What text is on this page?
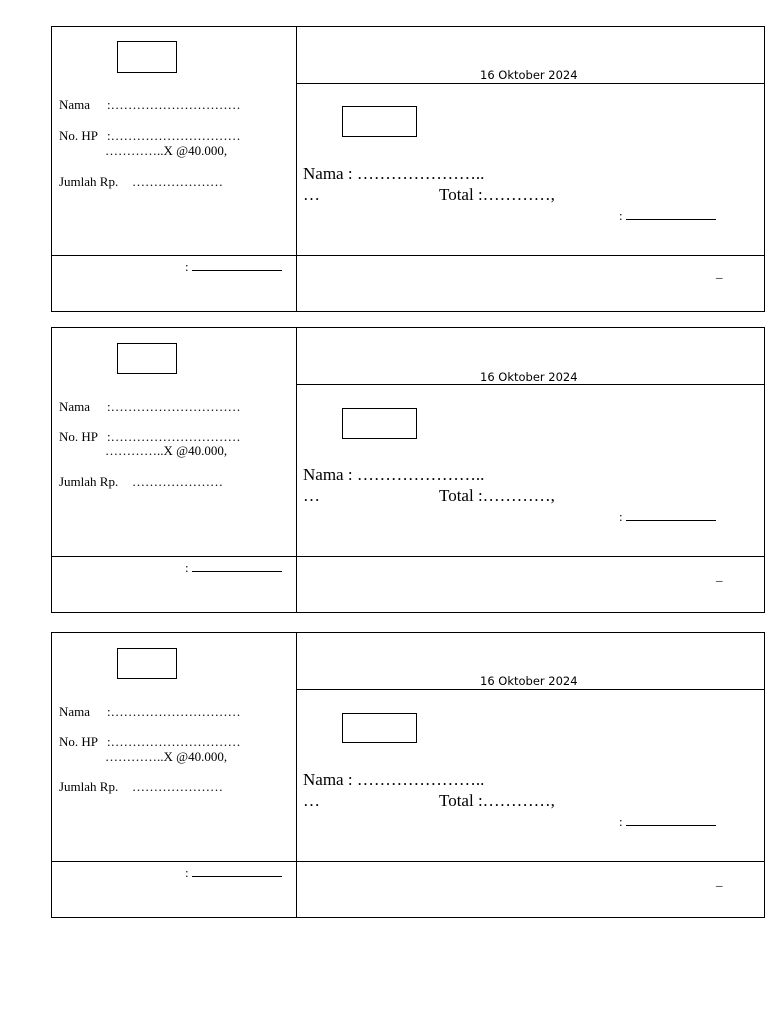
Nama :…………………………
No. HP :…………………………
…………..X @40.000,
Jumlah Rp. …………………
:
16 Oktober 2024
Nama : …………………..
…	Total :…………,
:
_
Nama :…………………………
No. HP :…………………………
…………..X @40.000,
Jumlah Rp. …………………
:
16 Oktober 2024
Nama : …………………..
…	Total :…………,
:
_
Nama :…………………………
No. HP :…………………………
…………..X @40.000,
Jumlah Rp. …………………
:
16 Oktober 2024
Nama : …………………..
…	Total :…………,
:
_
